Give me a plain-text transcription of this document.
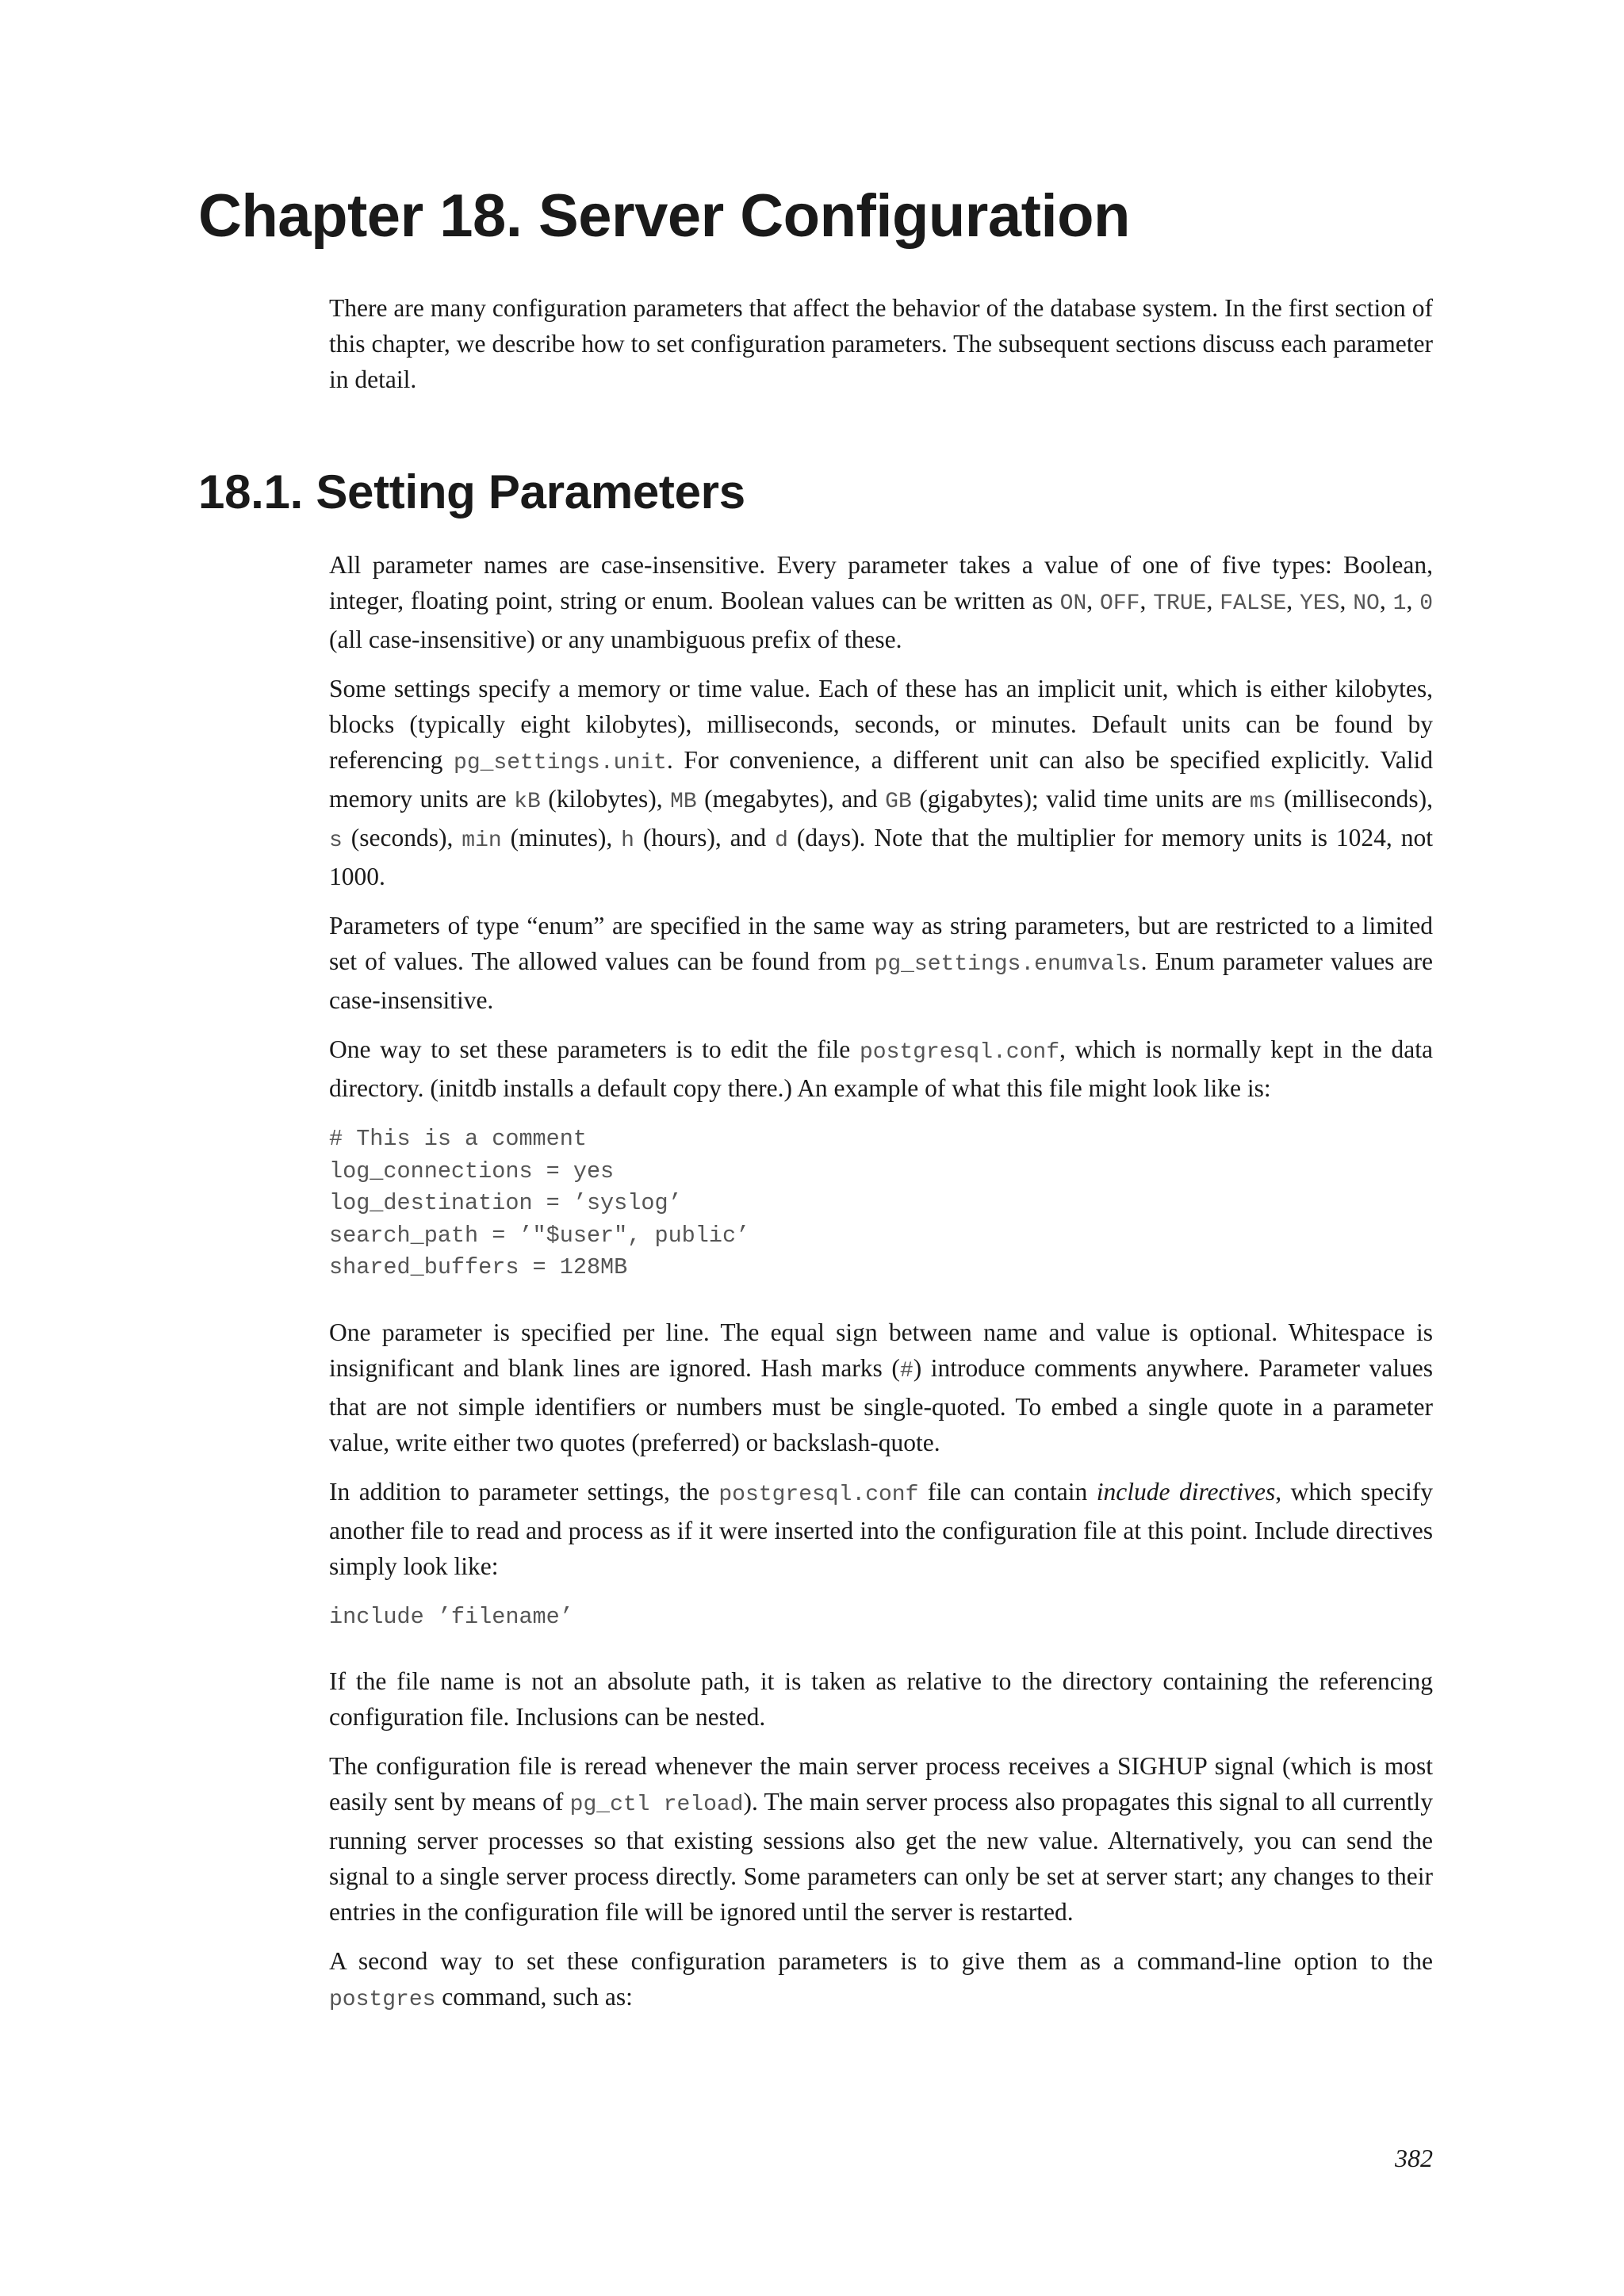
Chapter 18. Server Configuration

There are many configuration parameters that affect the behavior of the database system. In the first section of this chapter, we describe how to set configuration parameters. The subsequent sections discuss each parameter in detail.

18.1. Setting Parameters

All parameter names are case-insensitive. Every parameter takes a value of one of five types: Boolean, integer, floating point, string or enum. Boolean values can be written as ON, OFF, TRUE, FALSE, YES, NO, 1, 0 (all case-insensitive) or any unambiguous prefix of these.

Some settings specify a memory or time value. Each of these has an implicit unit, which is either kilobytes, blocks (typically eight kilobytes), milliseconds, seconds, or minutes. Default units can be found by referencing pg_settings.unit. For convenience, a different unit can also be specified explicitly. Valid memory units are kB (kilobytes), MB (megabytes), and GB (gigabytes); valid time units are ms (milliseconds), s (seconds), min (minutes), h (hours), and d (days). Note that the multiplier for memory units is 1024, not 1000.

Parameters of type “enum” are specified in the same way as string parameters, but are restricted to a limited set of values. The allowed values can be found from pg_settings.enumvals. Enum parameter values are case-insensitive.

One way to set these parameters is to edit the file postgresql.conf, which is normally kept in the data directory. (initdb installs a default copy there.) An example of what this file might look like is:

# This is a comment
log_connections = yes
log_destination = ’syslog’
search_path = ’"$user", public’
shared_buffers = 128MB

One parameter is specified per line. The equal sign between name and value is optional. Whitespace is insignificant and blank lines are ignored. Hash marks (#) introduce comments anywhere. Parameter values that are not simple identifiers or numbers must be single-quoted. To embed a single quote in a parameter value, write either two quotes (preferred) or backslash-quote.

In addition to parameter settings, the postgresql.conf file can contain include directives, which specify another file to read and process as if it were inserted into the configuration file at this point. Include directives simply look like:

include ’filename’

If the file name is not an absolute path, it is taken as relative to the directory containing the referencing configuration file. Inclusions can be nested.

The configuration file is reread whenever the main server process receives a SIGHUP signal (which is most easily sent by means of pg_ctl reload). The main server process also propagates this signal to all currently running server processes so that existing sessions also get the new value. Alternatively, you can send the signal to a single server process directly. Some parameters can only be set at server start; any changes to their entries in the configuration file will be ignored until the server is restarted.

A second way to set these configuration parameters is to give them as a command-line option to the postgres command, such as:

382
